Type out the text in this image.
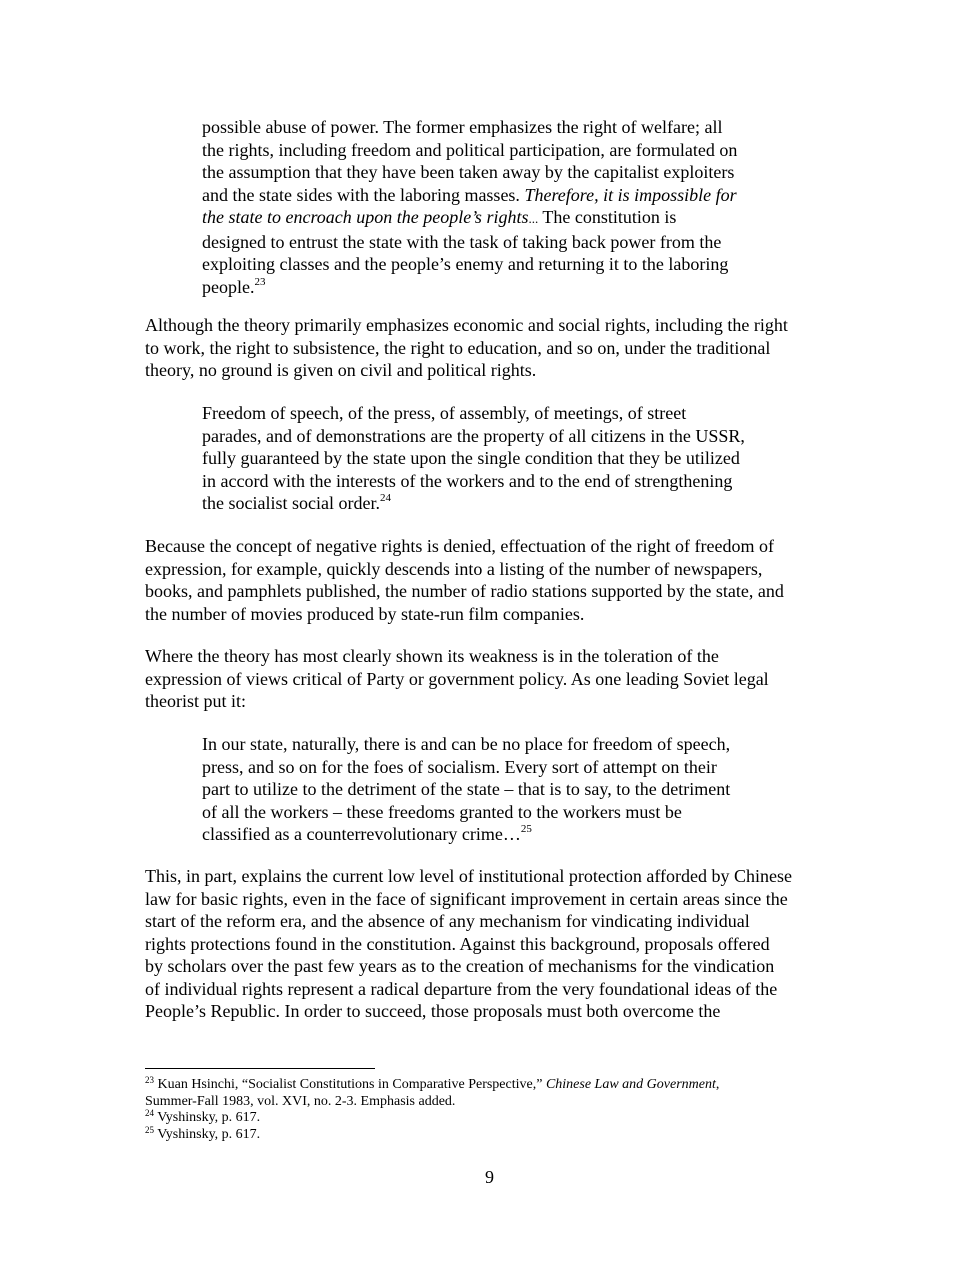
possible abuse of power. The former emphasizes the right of welfare; all
the rights, including freedom and political participation, are formulated on
the assumption that they have been taken away by the capitalist exploiters
and the state sides with the laboring masses. Therefore, it is impossible for
the state to encroach upon the people’s rights... The constitution is
designed to entrust the state with the task of taking back power from the
exploiting classes and the people’s enemy and returning it to the laboring
people.$^{23}$
Although the theory primarily emphasizes economic and social rights, including the right
to work, the right to subsistence, the right to education, and so on, under the traditional
theory, no ground is given on civil and political rights.
Freedom of speech, of the press, of assembly, of meetings, of street
parades, and of demonstrations are the property of all citizens in the USSR,
fully guaranteed by the state upon the single condition that they be utilized
in accord with the interests of the workers and to the end of strengthening
the socialist social order.$^{24}$
Because the concept of negative rights is denied, effectuation of the right of freedom of
expression, for example, quickly descends into a listing of the number of newspapers,
books, and pamphlets published, the number of radio stations supported by the state, and
the number of movies produced by state-run film companies.
Where the theory has most clearly shown its weakness is in the toleration of the
expression of views critical of Party or government policy. As one leading Soviet legal
theorist put it:
In our state, naturally, there is and can be no place for freedom of speech,
press, and so on for the foes of socialism. Every sort of attempt on their
part to utilize to the detriment of the state – that is to say, to the detriment
of all the workers – these freedoms granted to the workers must be
classified as a counterrevolutionary crime…$^{25}$
This, in part, explains the current low level of institutional protection afforded by Chinese
law for basic rights, even in the face of significant improvement in certain areas since the
start of the reform era, and the absence of any mechanism for vindicating individual
rights protections found in the constitution. Against this background, proposals offered
by scholars over the past few years as to the creation of mechanisms for the vindication
of individual rights represent a radical departure from the very foundational ideas of the
People’s Republic. In order to succeed, those proposals must both overcome the
$^{23}$ Kuan Hsinchi, “Socialist Constitutions in Comparative Perspective,” Chinese Law and Government,
Summer-Fall 1983, vol. XVI, no. 2-3. Emphasis added.
$^{24}$ Vyshinsky, p. 617.
$^{25}$ Vyshinsky, p. 617.
9
